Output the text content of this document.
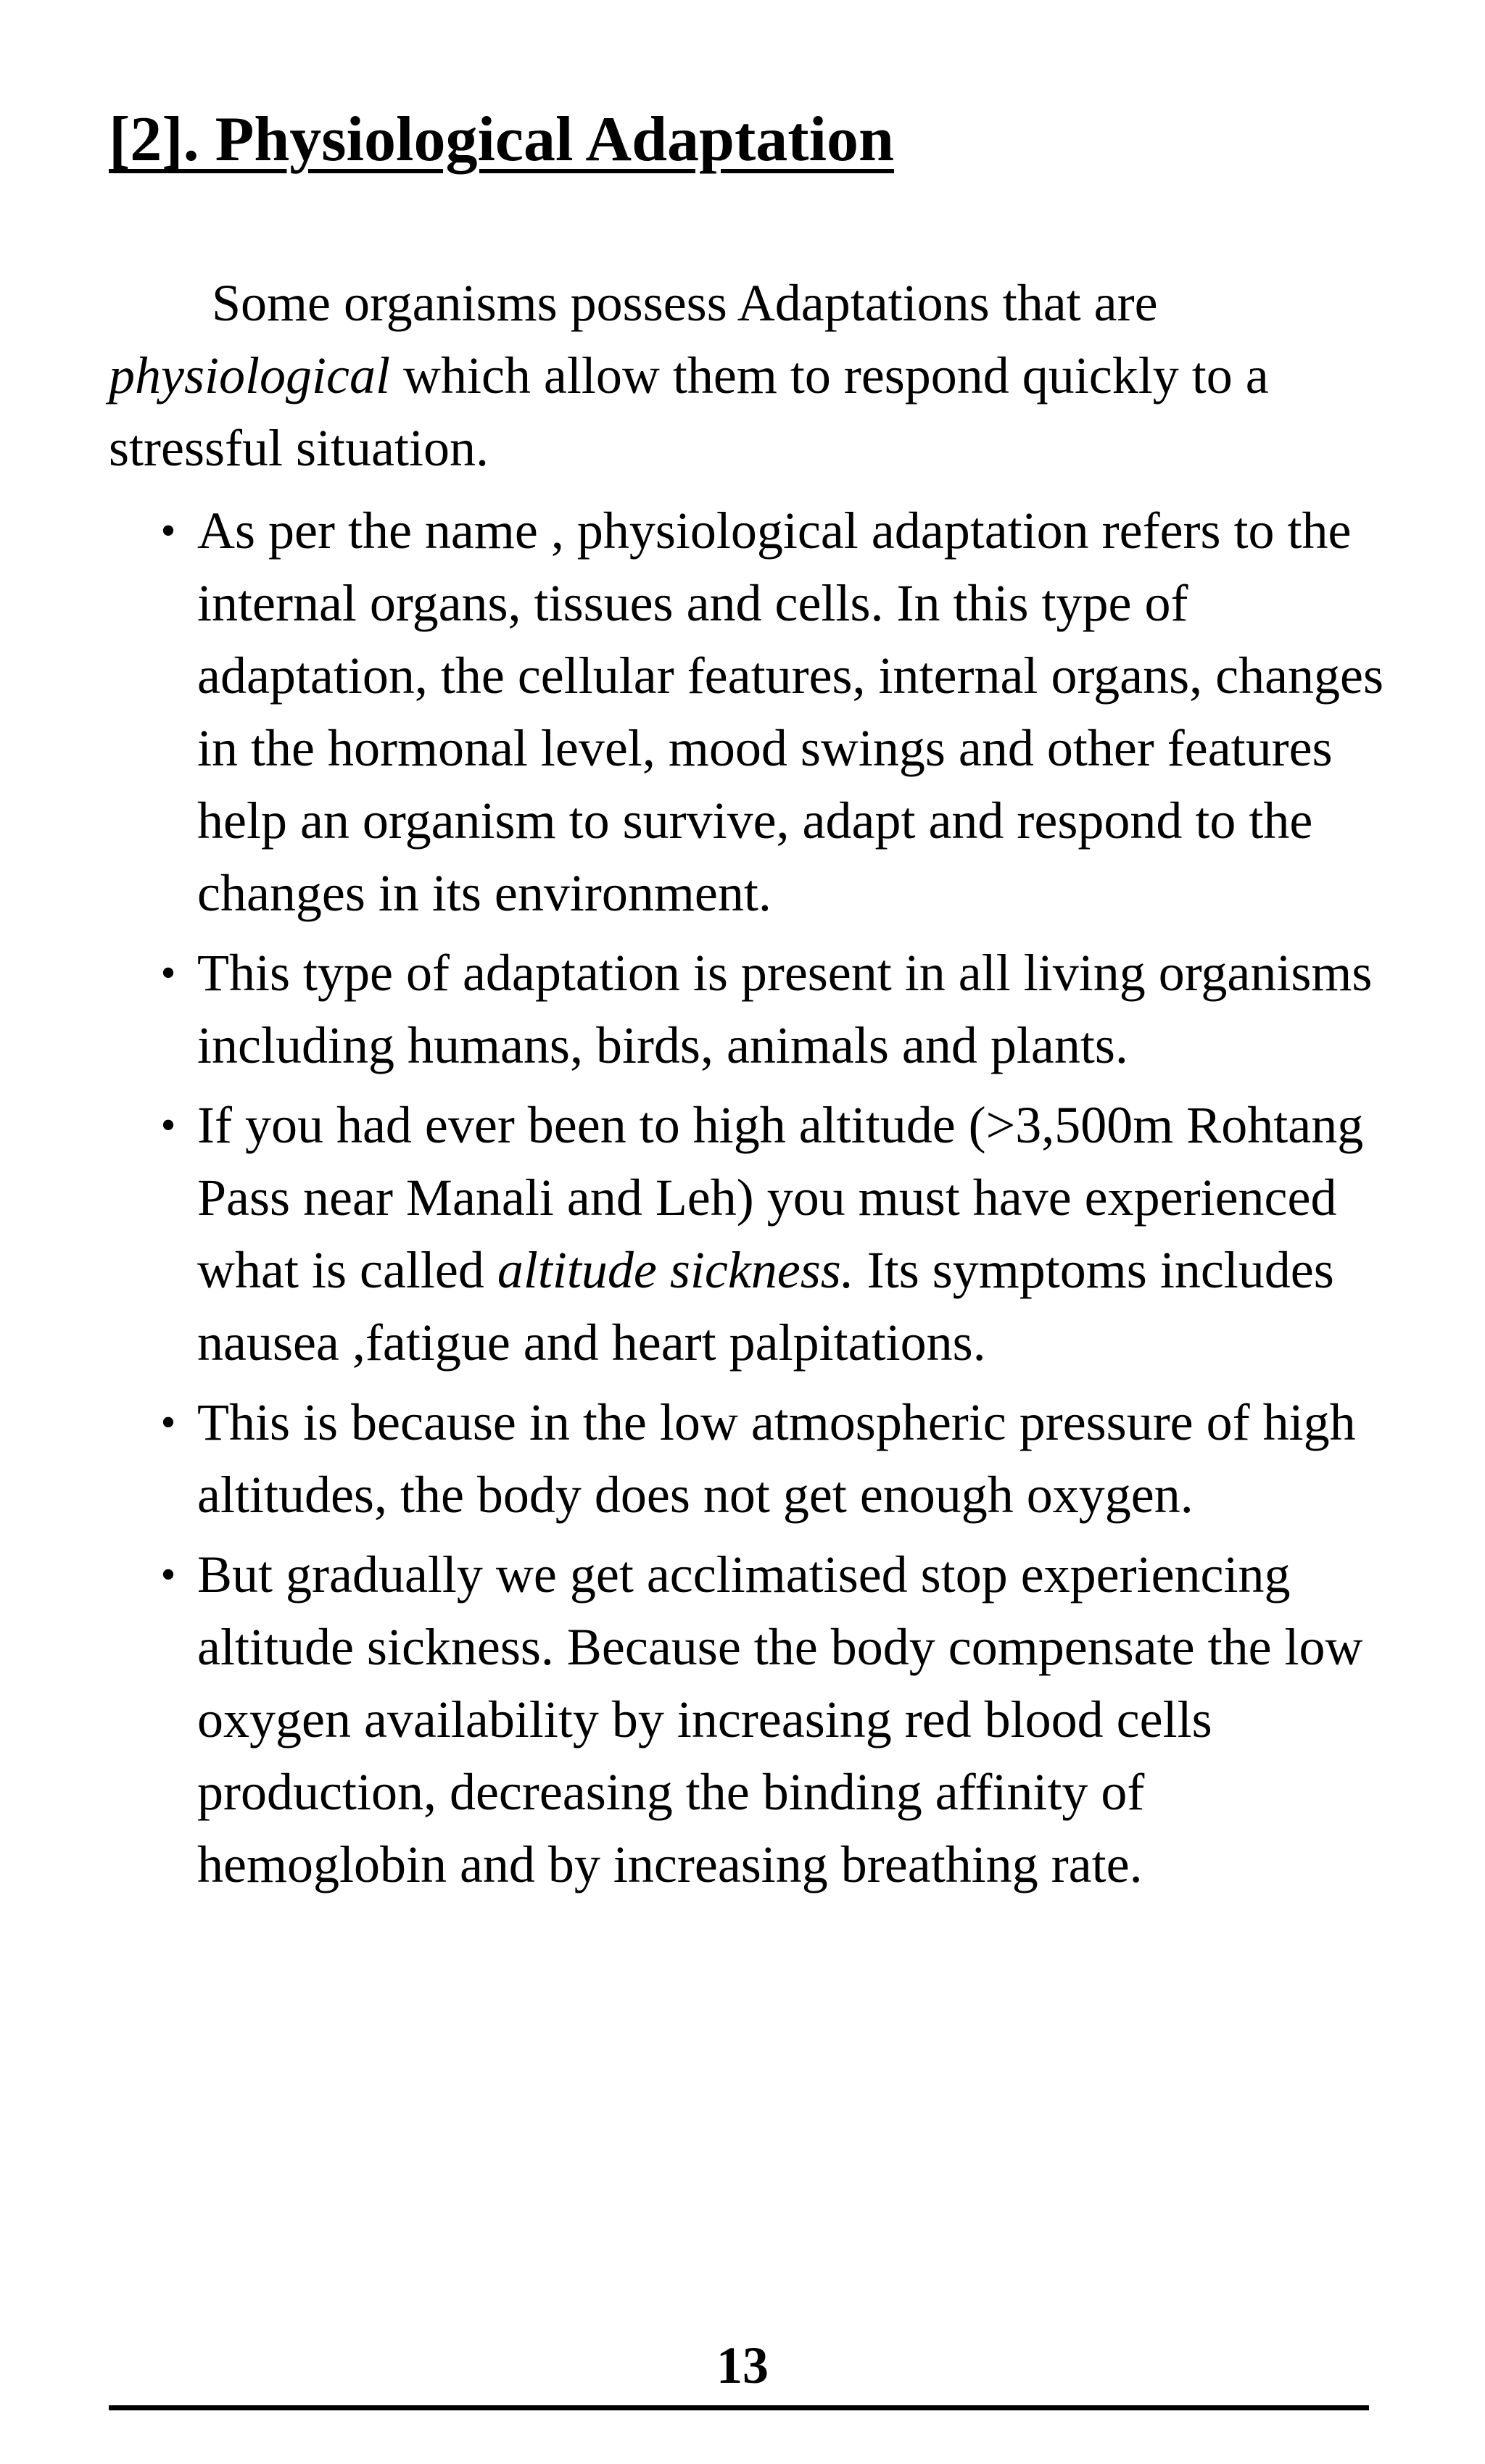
[2]. Physiological Adaptation

Some organisms possess Adaptations that are physiological which allow them to respond quickly to a stressful situation.

• As per the name , physiological adaptation refers to the internal organs, tissues and cells. In this type of adaptation, the cellular features, internal organs, changes in the hormonal level, mood swings and other features help an organism to survive, adapt and respond to the changes in its environment.
• This type of adaptation is present in all living organisms including humans, birds, animals and plants.
• If you had ever been to high altitude (>3,500m Rohtang Pass near Manali and Leh) you must have experienced what is called altitude sickness. Its symptoms includes nausea ,fatigue and heart palpitations.
• This is because in the low atmospheric pressure of high altitudes, the body does not get enough oxygen.
• But gradually we get acclimatised stop experiencing altitude sickness. Because the body compensate the low oxygen availability by increasing red blood cells production, decreasing the binding affinity of hemoglobin and by increasing breathing rate.
13
